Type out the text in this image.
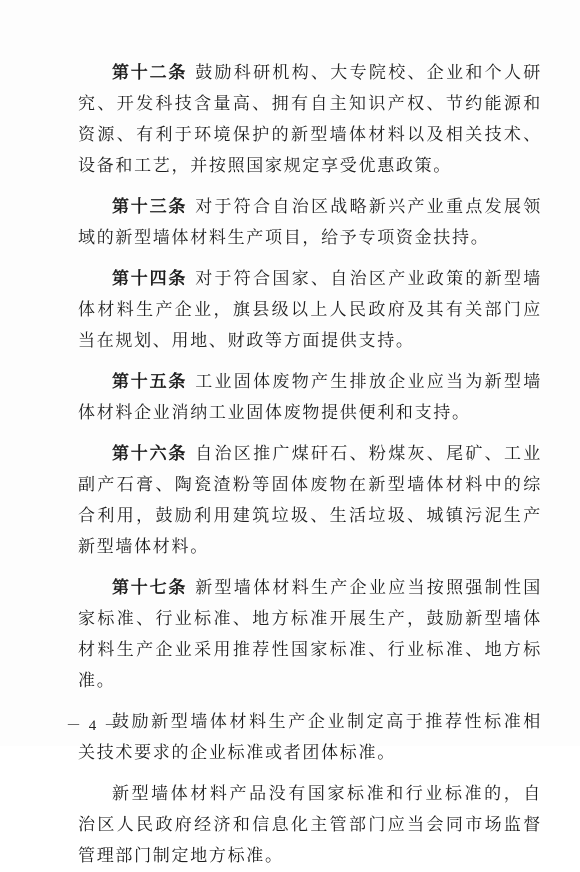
第十二条 鼓励科研机构、大专院校、企业和个人研究、开发科技含量高、拥有自主知识产权、节约能源和资源、有利于环境保护的新型墙体材料以及相关技术、设备和工艺，并按照国家规定享受优惠政策。

第十三条 对于符合自治区战略新兴产业重点发展领域的新型墙体材料生产项目，给予专项资金扶持。

第十四条 对于符合国家、自治区产业政策的新型墙体材料生产企业，旗县级以上人民政府及其有关部门应当在规划、用地、财政等方面提供支持。

第十五条 工业固体废物产生排放企业应当为新型墙体材料企业消纳工业固体废物提供便利和支持。

第十六条 自治区推广煤矸石、粉煤灰、尾矿、工业副产石膏、陶瓷渣粉等固体废物在新型墙体材料中的综合利用，鼓励利用建筑垃圾、生活垃圾、城镇污泥生产新型墙体材料。

第十七条 新型墙体材料生产企业应当按照强制性国家标准、行业标准、地方标准开展生产，鼓励新型墙体材料生产企业采用推荐性国家标准、行业标准、地方标准。

鼓励新型墙体材料生产企业制定高于推荐性标准相关技术要求的企业标准或者团体标准。

新型墙体材料产品没有国家标准和行业标准的，自治区人民政府经济和信息化主管部门应当会同市场监督管理部门制定地方标准。

－ 4 －
